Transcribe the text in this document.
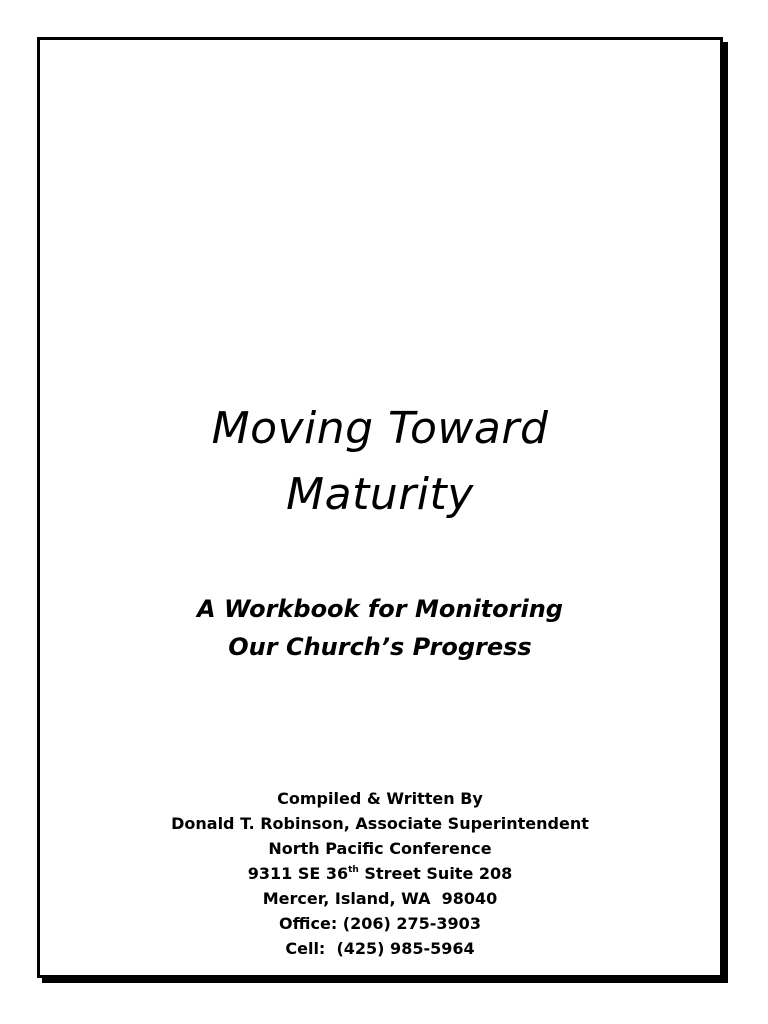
Moving Toward
Maturity
A Workbook for Monitoring
Our Church’s Progress
Compiled & Written By
Donald T. Robinson, Associate Superintendent
North Pacific Conference
9311 SE 36th Street Suite 208
Mercer, Island, WA  98040
Office: (206) 275-3903
Cell:  (425) 985-5964
